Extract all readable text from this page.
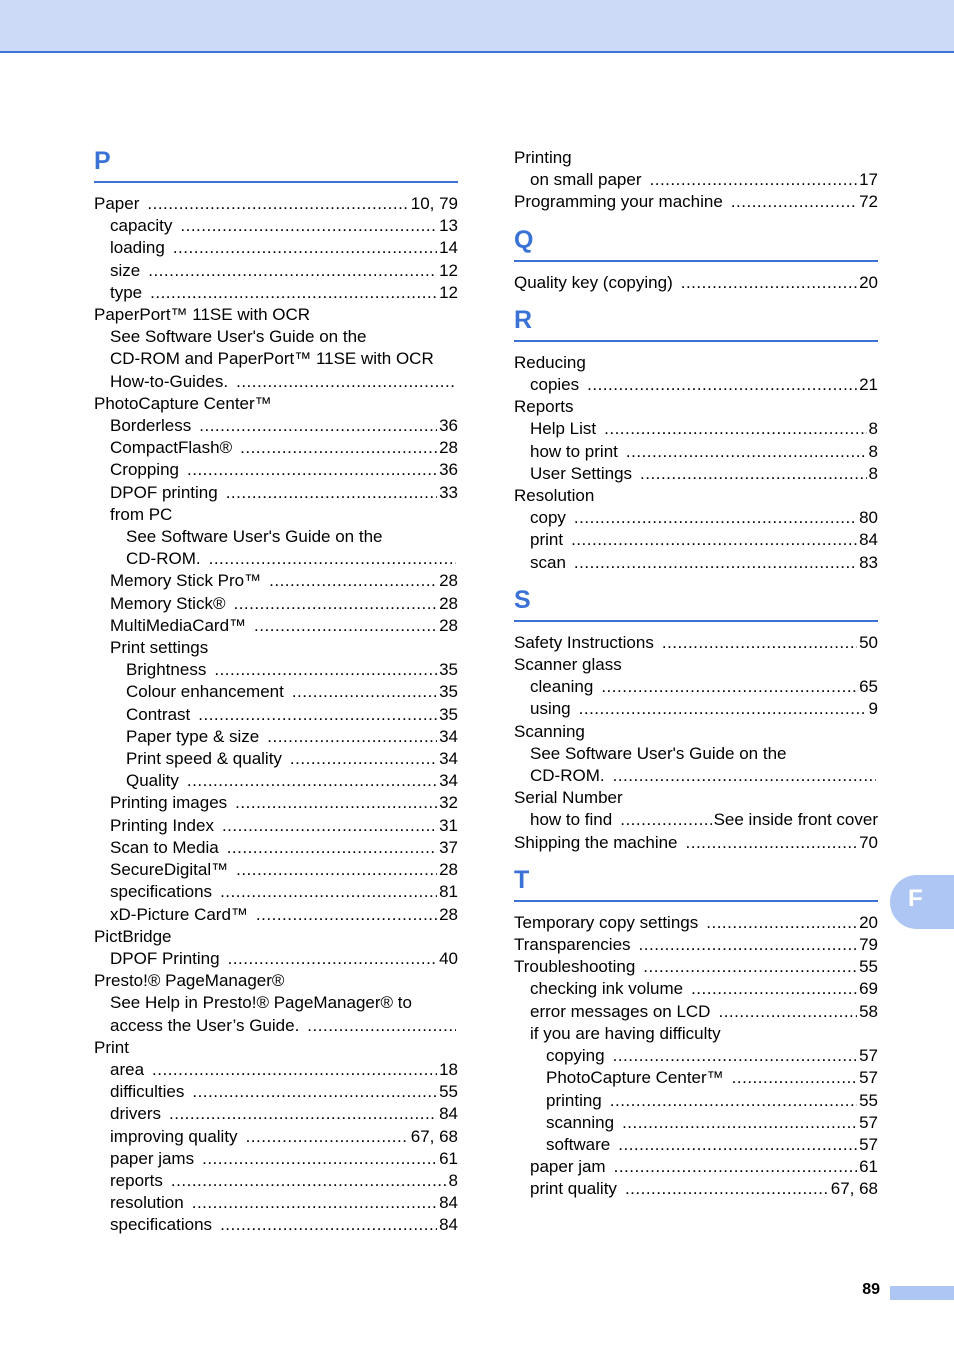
P
Paper .....	10, 79
capacity .....	13
loading .....	14
size .....	12
type .....	12
PaperPort™ 11SE with OCR
See Software User's Guide on the
CD-ROM and PaperPort™ 11SE with OCR
How-to-Guides.
.....
PhotoCapture Center™
Borderless .....	36
CompactFlash® .....	28
Cropping .....	36
DPOF printing .....	33
from PC
See Software User's Guide on the
CD-ROM.
.....
Memory Stick Pro™ .....	28
Memory Stick® .....	28
MultiMediaCard™ .....	28
Print settings
Brightness .....	35
Colour enhancement .....	35
Contrast .....	35
Paper type & size .....	34
Print speed & quality .....	34
Quality .....	34
Printing images .....	32
Printing Index .....	31
Scan to Media .....	37
SecureDigital™ .....	28
specifications .....	81
xD-Picture Card™ .....	28
PictBridge
DPOF Printing .....	40
Presto!® PageManager®
See Help in Presto!® PageManager® to
access the User’s Guide.
.....
Print
area .....	18
difficulties .....	55
drivers .....	84
improving quality .....	67, 68
paper jams .....	61
reports .....	8
resolution .....	84
specifications .....	84
Printing
on small paper .....	17
Programming your machine .....	72
Q
Quality key (copying) .....	20
R
Reducing
copies .....	21
Reports
Help List .....	8
how to print .....	8
User Settings .....	8
Resolution
copy .....	80
print .....	84
scan .....	83
S
Safety Instructions .....	50
Scanner glass
cleaning .....	65
using .....	9
Scanning
See Software User's Guide on the
CD-ROM.
.....
Serial Number
how to find .....	See inside front cover
Shipping the machine .....	70
T
Temporary copy settings .....	20
Transparencies .....	79
Troubleshooting .....	55
checking ink volume .....	69
error messages on LCD .....	58
if you are having difficulty
copying .....	57
PhotoCapture Center™ .....	57
printing .....	55
scanning .....	57
software .....	57
paper jam .....	61
print quality .....	67, 68
F
89
